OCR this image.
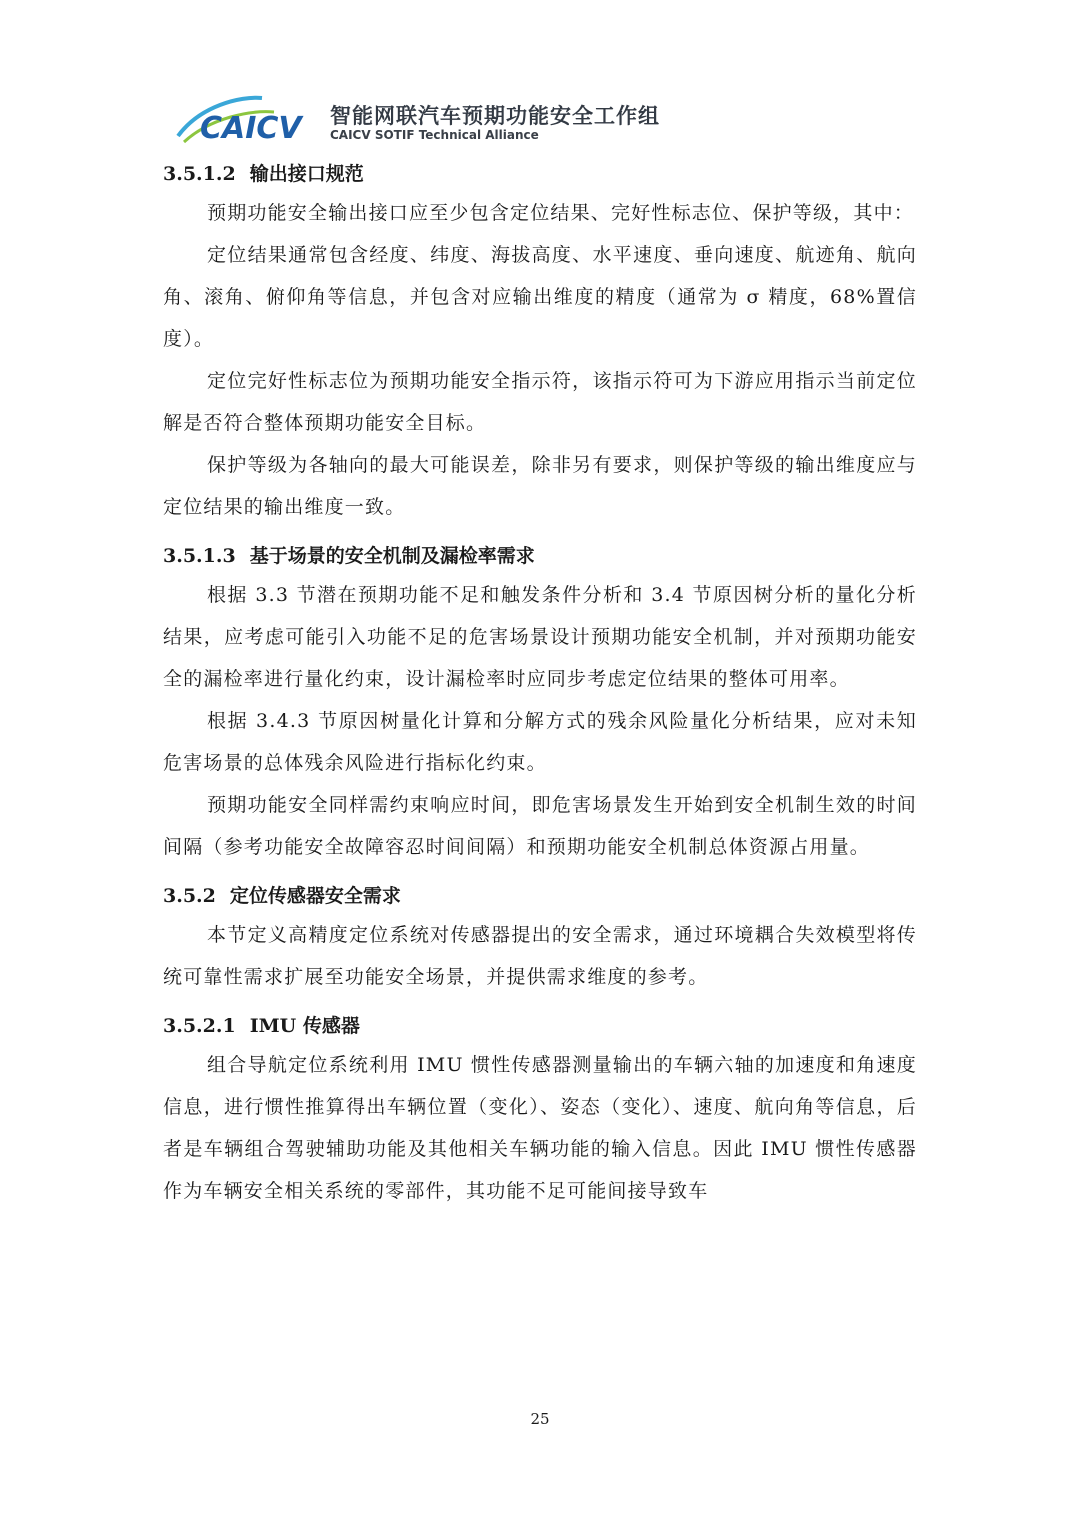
CAICV 智能网联汽车预期功能安全工作组
CAICV SOTIF Technical Alliance
3.5.1.2 输出接口规范

预期功能安全输出接口应至少包含定位结果、完好性标志位、保护等级，其中：

定位结果通常包含经度、纬度、海拔高度、水平速度、垂向速度、航迹角、航向角、滚角、俯仰角等信息，并包含对应输出维度的精度（通常为 σ 精度，68%置信度）。

定位完好性标志位为预期功能安全指示符，该指示符可为下游应用指示当前定位解是否符合整体预期功能安全目标。

保护等级为各轴向的最大可能误差，除非另有要求，则保护等级的输出维度应与定位结果的输出维度一致。

3.5.1.3 基于场景的安全机制及漏检率需求

根据 3.3 节潜在预期功能不足和触发条件分析和 3.4 节原因树分析的量化分析结果，应考虑可能引入功能不足的危害场景设计预期功能安全机制，并对预期功能安全的漏检率进行量化约束，设计漏检率时应同步考虑定位结果的整体可用率。

根据 3.4.3 节原因树量化计算和分解方式的残余风险量化分析结果，应对未知危害场景的总体残余风险进行指标化约束。

预期功能安全同样需约束响应时间，即危害场景发生开始到安全机制生效的时间间隔（参考功能安全故障容忍时间间隔）和预期功能安全机制总体资源占用量。

3.5.2 定位传感器安全需求

本节定义高精度定位系统对传感器提出的安全需求，通过环境耦合失效模型将传统可靠性需求扩展至功能安全场景，并提供需求维度的参考。

3.5.2.1 IMU 传感器

组合导航定位系统利用 IMU 惯性传感器测量输出的车辆六轴的加速度和角速度信息，进行惯性推算得出车辆位置（变化）、姿态（变化）、速度、航向角等信息，后者是车辆组合驾驶辅助功能及其他相关车辆功能的输入信息。因此 IMU 惯性传感器作为车辆安全相关系统的零部件，其功能不足可能间接导致车

25
